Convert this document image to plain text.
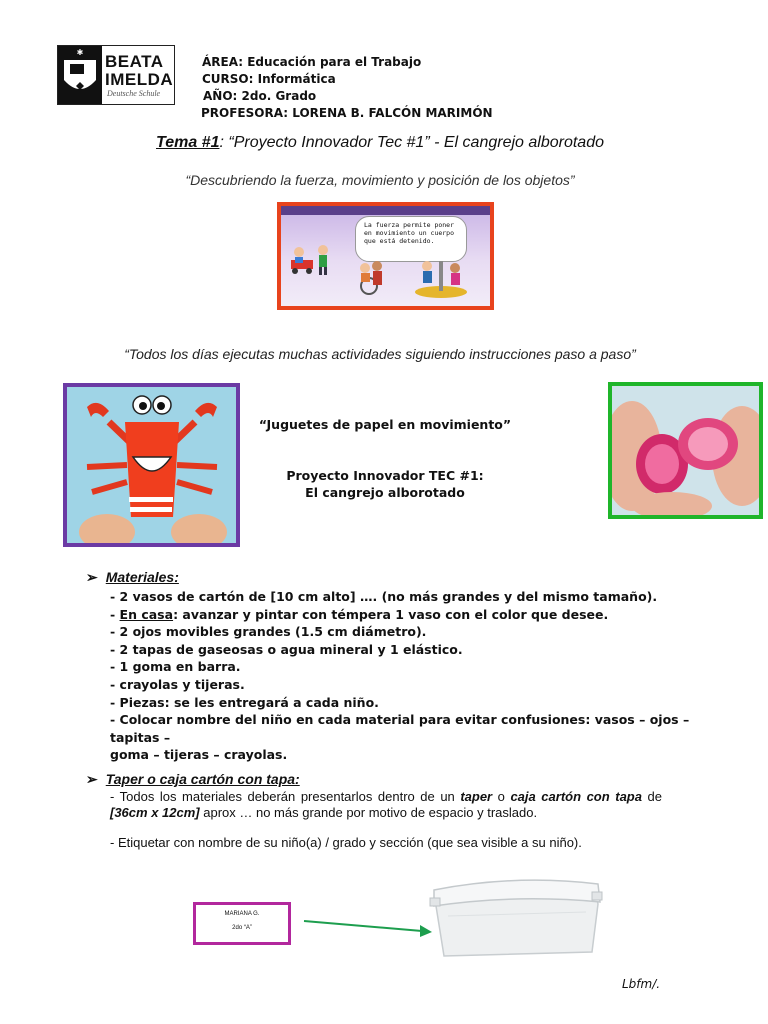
✱ BEATA
IMELDA
Deutsche Schule
ÁREA: Educación para el Trabajo
CURSO: Informática
AÑO: 2do. Grado
PROFESORA: LORENA B. FALCÓN MARIMÓN
Tema #1: “Proyecto Innovador Tec #1” - El cangrejo alborotado
“Descubriendo la fuerza, movimiento y posición de los objetos”
La fuerza permite poner en movimiento un cuerpo que está detenido.
“Todos los días ejecutas muchas actividades siguiendo instrucciones paso a paso”
“Juguetes de papel en movimiento”
Proyecto Innovador TEC #1:
El cangrejo alborotado
➢ Materiales:
- 2 vasos de cartón de [10 cm alto] …. (no más grandes y del mismo tamaño).
- En casa: avanzar y pintar con témpera 1 vaso con el color que desee.
- 2 ojos movibles grandes (1.5 cm diámetro).
- 2 tapas de gaseosas o agua mineral y 1 elástico.
- 1 goma en barra.
- crayolas y tijeras.
- Piezas: se les entregará a cada niño.
- Colocar nombre del niño en cada material para evitar confusiones: vasos – ojos – tapitas –
goma – tijeras – crayolas.
➢ Taper o caja cartón con tapa:
- Todos los materiales deberán presentarlos dentro de un taper o caja cartón con tapa de [36cm x 12cm] aprox … no más grande por motivo de espacio y traslado.
- Etiquetar con nombre de su niño(a) / grado y sección (que sea visible a su niño).
MARIANA G.
2do “A”
Lbfm/.
